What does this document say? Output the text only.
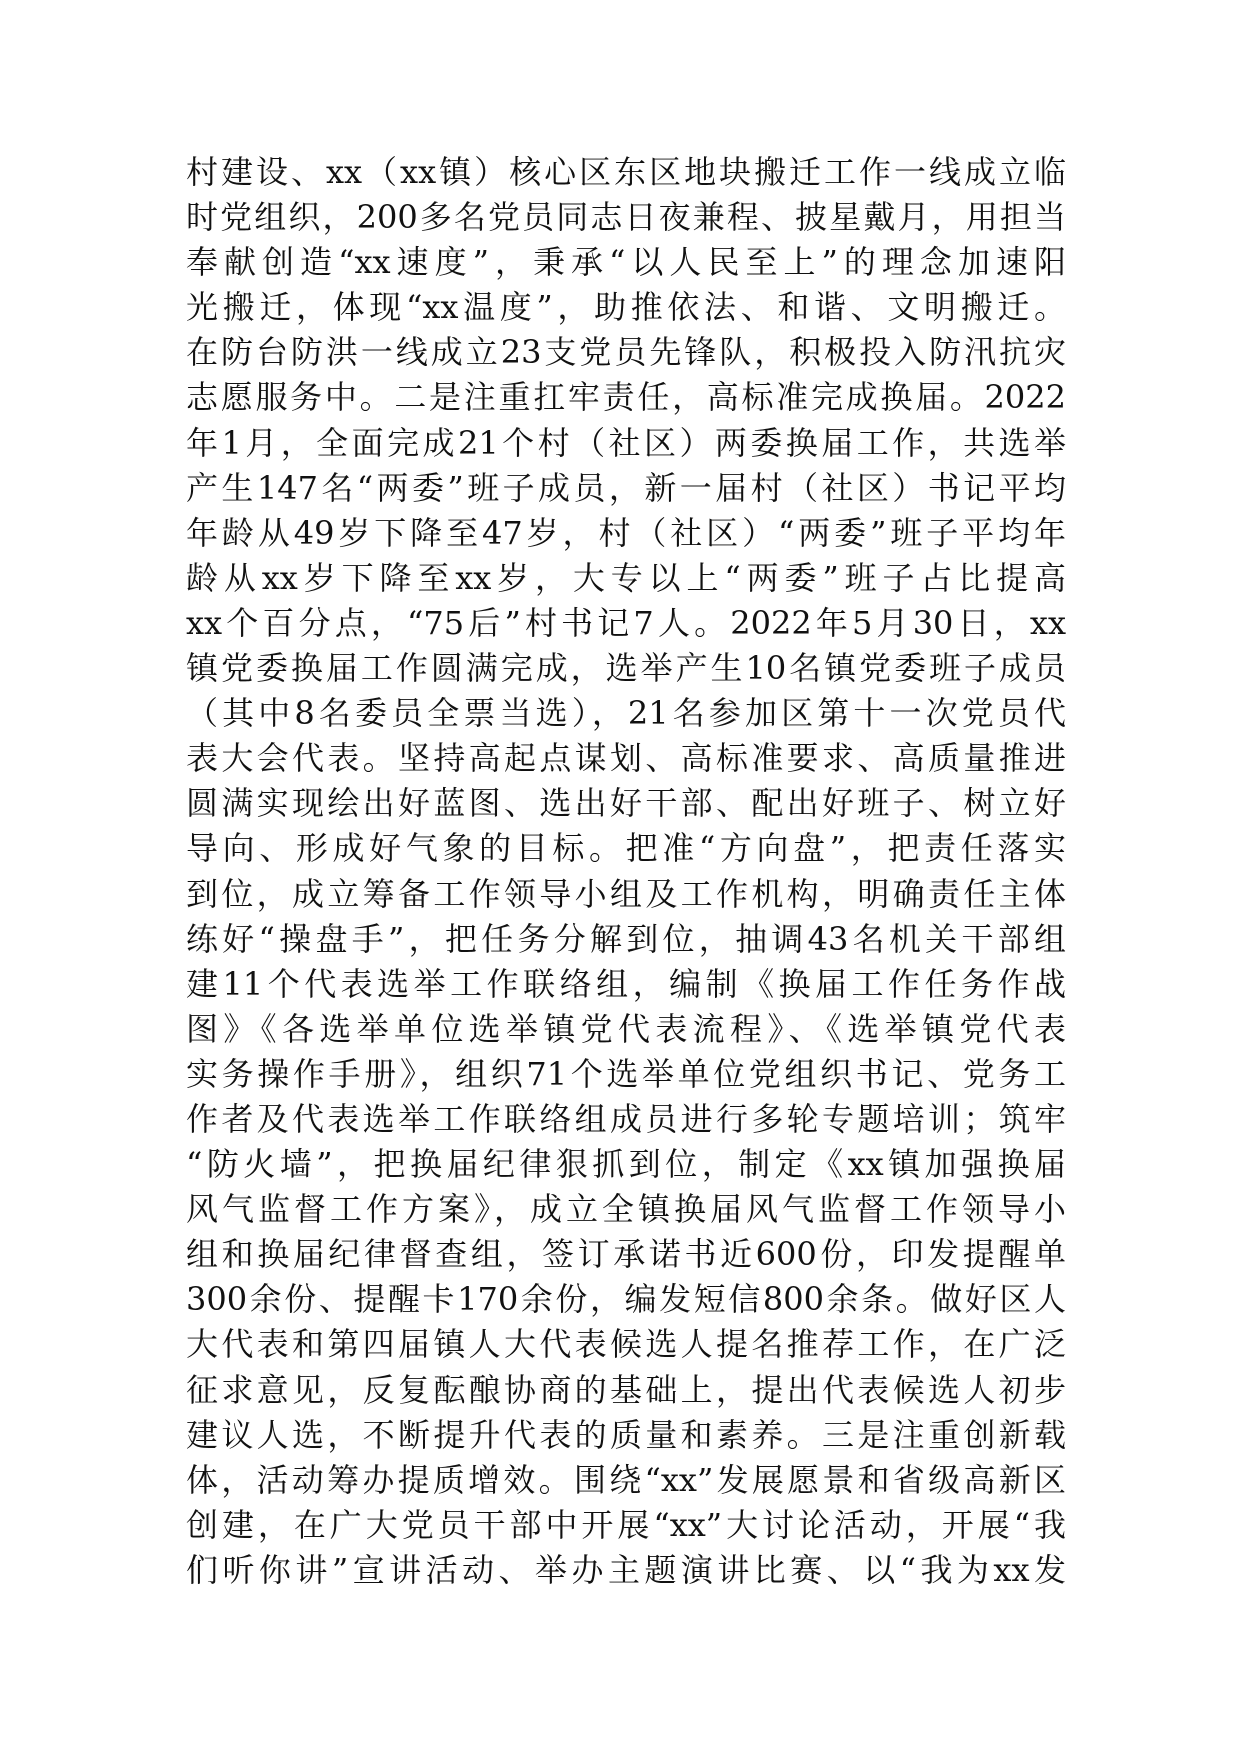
村建设、xx（xx镇）核心区东区地块搬迁工作一线成立临
时党组织，200多名党员同志日夜兼程、披星戴月，用担当
奉献创造“xx速度”，秉承“以人民至上”的理念加速阳
光搬迁，体现“xx温度”，助推依法、和谐、文明搬迁。
在防台防洪一线成立23支党员先锋队，积极投入防汛抗灾
志愿服务中。二是注重扛牢责任，高标准完成换届。2022
年1月，全面完成21个村（社区）两委换届工作，共选举
产生147名“两委”班子成员，新一届村（社区）书记平均
年龄从49岁下降至47岁，村（社区）“两委”班子平均年
龄从xx岁下降至xx岁，大专以上“两委”班子占比提高
xx个百分点，“75后”村书记7人。2022年5月30日，xx
镇党委换届工作圆满完成，选举产生10名镇党委班子成员
（其中8名委员全票当选），21名参加区第十一次党员代
表大会代表。坚持高起点谋划、高标准要求、高质量推进
圆满实现绘出好蓝图、选出好干部、配出好班子、树立好
导向、形成好气象的目标。把准“方向盘”，把责任落实
到位，成立筹备工作领导小组及工作机构，明确责任主体
练好“操盘手”，把任务分解到位，抽调43名机关干部组
建11个代表选举工作联络组，编制《换届工作任务作战
图》《各选举单位选举镇党代表流程》、《选举镇党代表
实务操作手册》，组织71个选举单位党组织书记、党务工
作者及代表选举工作联络组成员进行多轮专题培训；筑牢
“防火墙”，把换届纪律狠抓到位，制定《xx镇加强换届
风气监督工作方案》，成立全镇换届风气监督工作领导小
组和换届纪律督查组，签订承诺书近600份，印发提醒单
300余份、提醒卡170余份，编发短信800余条。做好区人
大代表和第四届镇人大代表候选人提名推荐工作，在广泛
征求意见，反复酝酿协商的基础上，提出代表候选人初步
建议人选，不断提升代表的质量和素养。三是注重创新载
体，活动筹办提质增效。围绕“xx”发展愿景和省级高新区
创建，在广大党员干部中开展“xx”大讨论活动，开展“我
们听你讲”宣讲活动、举办主题演讲比赛、以“我为xx发
